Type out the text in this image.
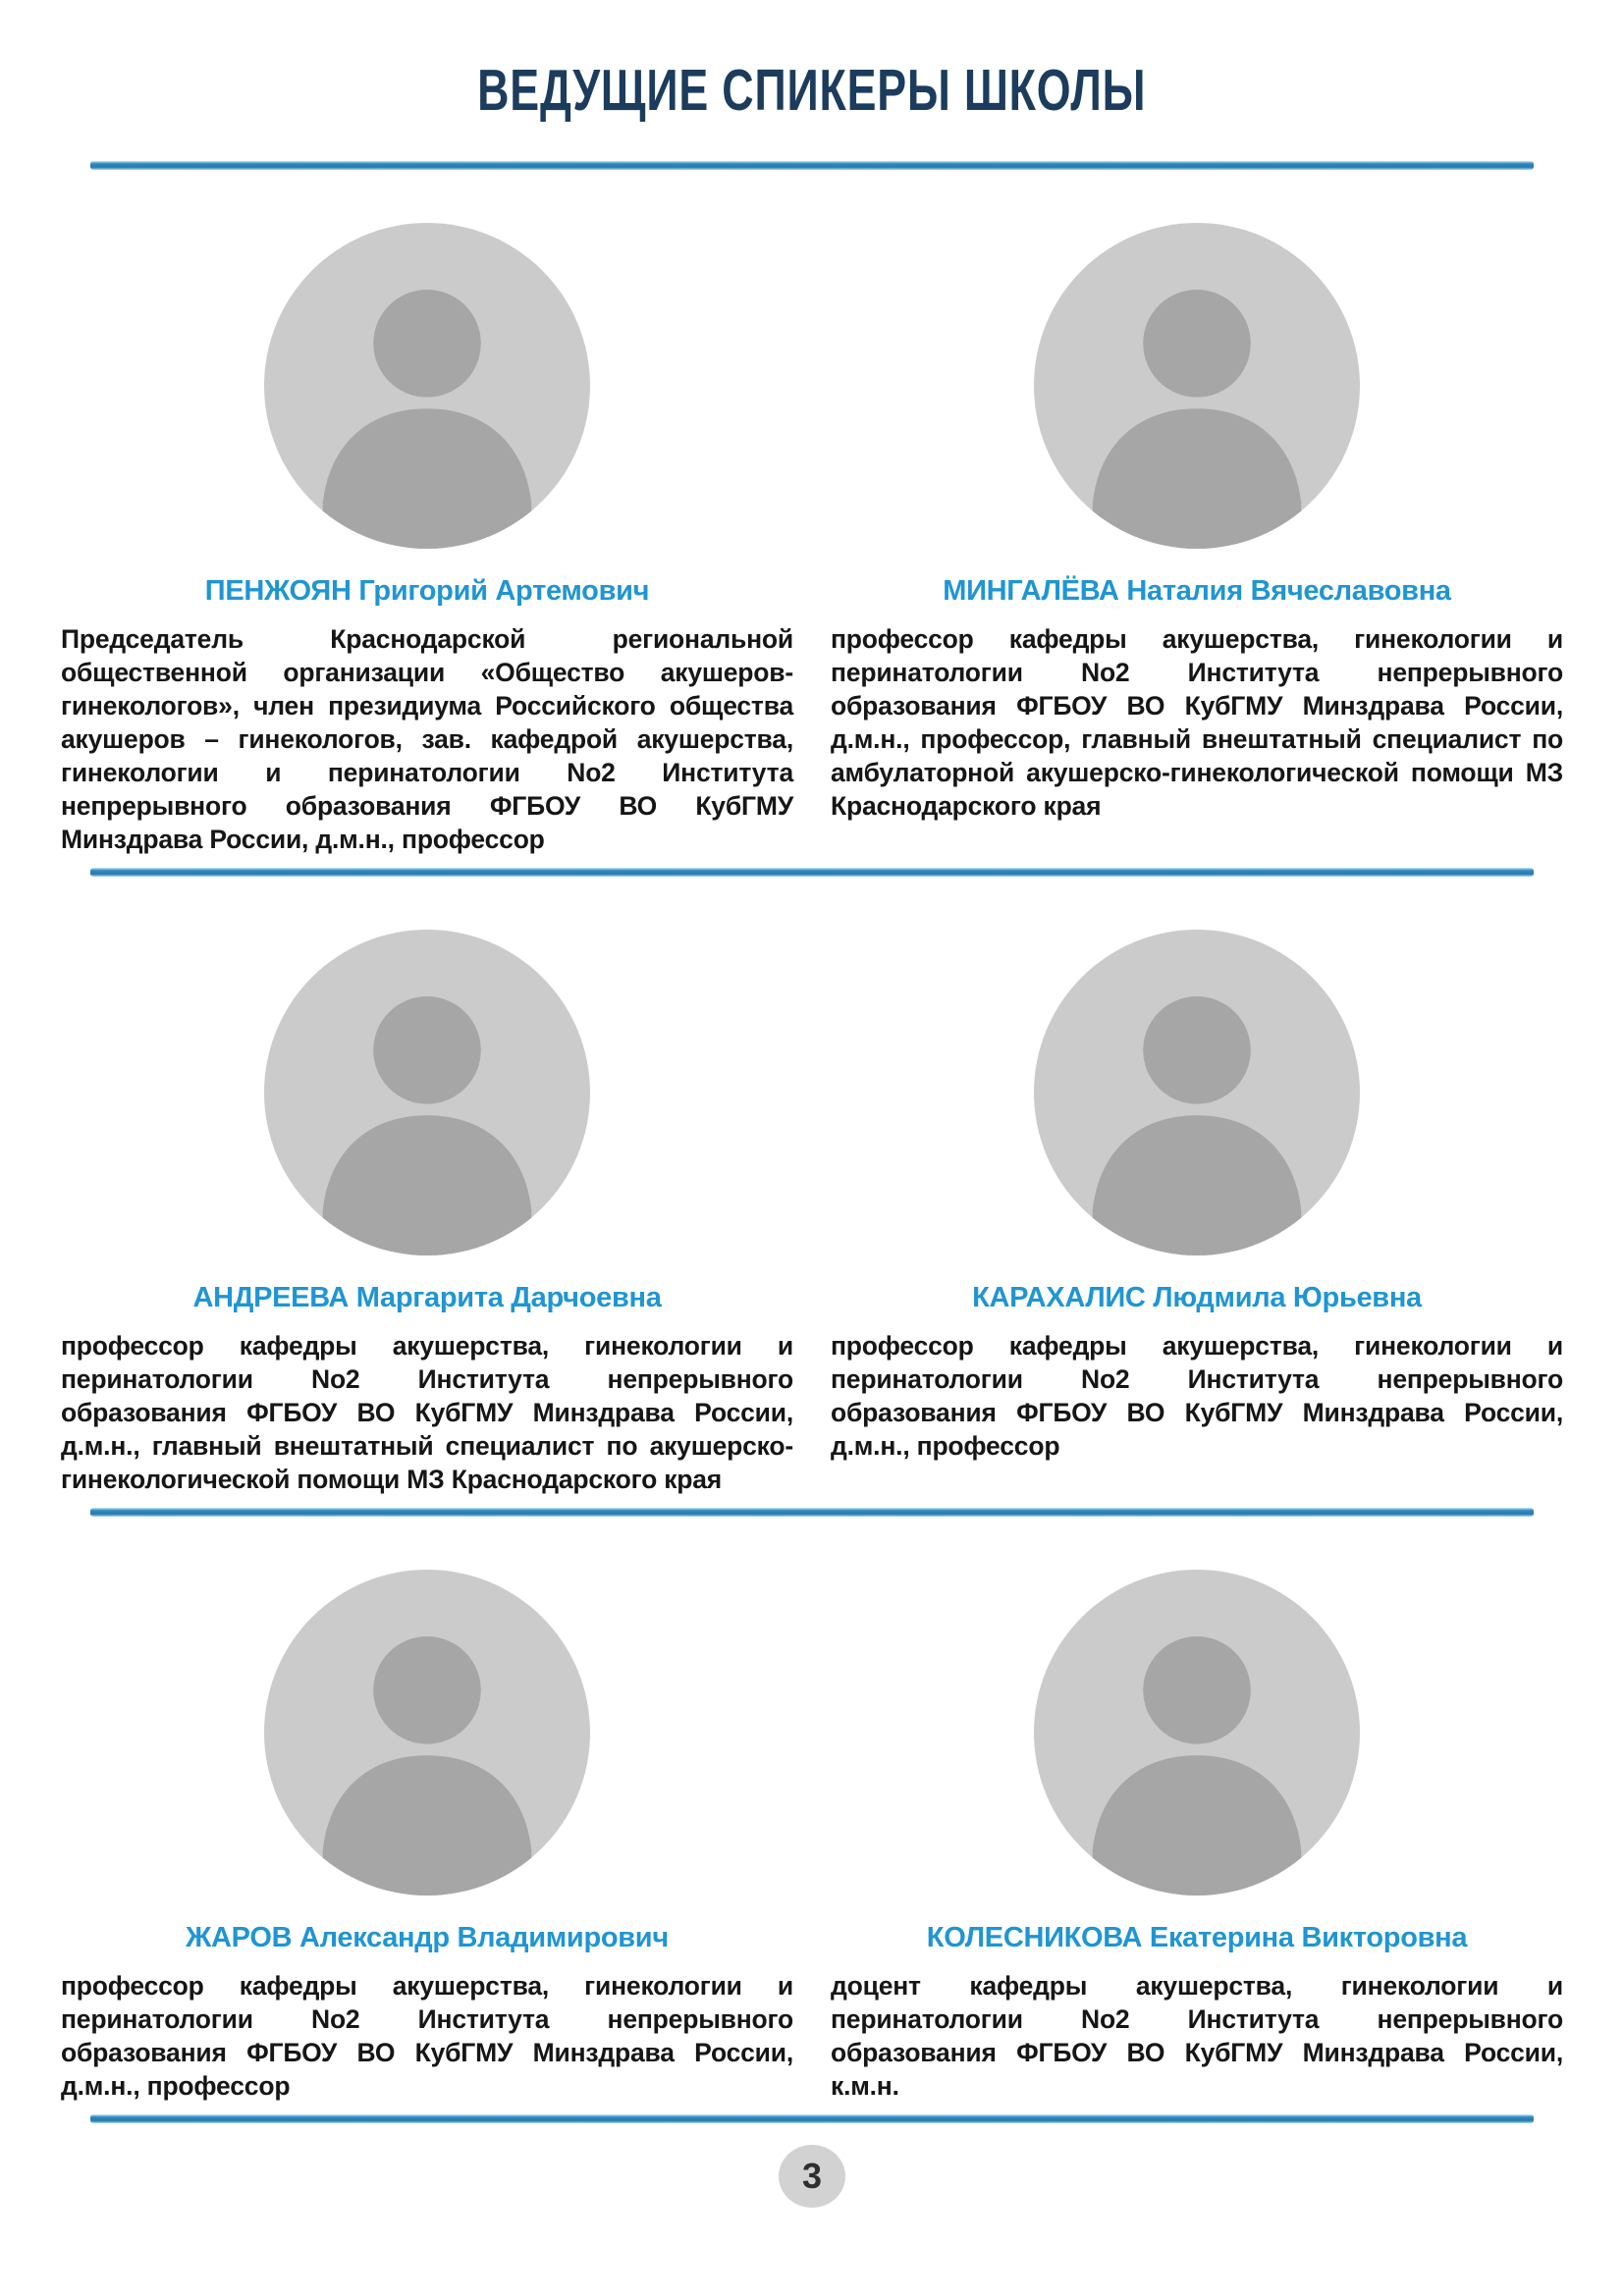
ВЕДУЩИЕ СПИКЕРЫ ШКОЛЫ
ПЕНЖОЯН Григорий Артемович
Председатель Краснодарской региональной общественной организации «Общество акушеров-гинекологов», член президиума Российского общества акушеров – гинекологов, зав. кафедрой акушерства, гинекологии и перинатологии No2 Института непрерывного образования ФГБОУ ВО КубГМУ Минздрава России, д.м.н., профессор
МИНГАЛЁВА Наталия Вячеславовна
профессор кафедры акушерства, гинекологии и перинатологии No2 Института непрерывного образования ФГБОУ ВО КубГМУ Минздрава России, д.м.н., профессор, главный внештатный специалист по амбулаторной акушерско-гинекологической помощи МЗ Краснодарского края
АНДРЕЕВА Маргарита Дарчоевна
профессор кафедры акушерства, гинекологии и перинатологии No2 Института непрерывного образования ФГБОУ ВО КубГМУ Минздрава России, д.м.н., главный внештатный специалист по акушерско-гинекологической помощи МЗ Краснодарского края
КАРАХАЛИС Людмила Юрьевна
профессор кафедры акушерства, гинекологии и перинатологии No2 Института непрерывного образования ФГБОУ ВО КубГМУ Минздрава России, д.м.н., профессор
ЖАРОВ Александр Владимирович
профессор кафедры акушерства, гинекологии и перинатологии No2 Института непрерывного образования ФГБОУ ВО КубГМУ Минздрава России, д.м.н., профессор
КОЛЕСНИКОВА Екатерина Викторовна
доцент кафедры акушерства, гинекологии и перинатологии No2 Института непрерывного образования ФГБОУ ВО КубГМУ Минздрава России, к.м.н.
3
